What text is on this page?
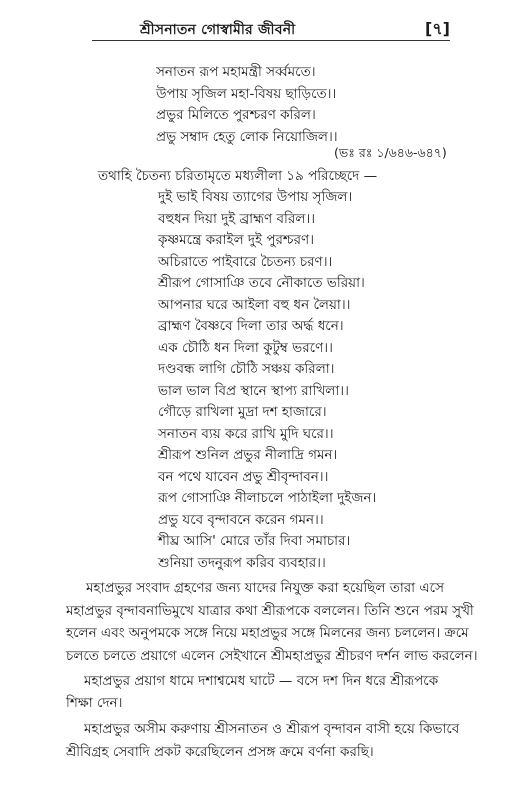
শ্রীসনাতন গোস্বামীর জীবনী	[৭]
সনাতন রূপ মহামন্ত্রী সর্ব্বমতে।
উপায় সৃজিল মহা-বিষয় ছাড়িতে।।
প্রভুর মিলিতে পুরশ্চরণ করিল।
প্রভু সম্বাদ হেতু লোক নিয়োজিল।।
(ভঃ রঃ ১/৬৪৬-৬৪৭)
তথাহি চৈতন্য চরিতামৃতে মধ্যলীলা ১৯ পরিচ্ছেদে —
দুই ভাই বিষয় ত্যাগের উপায় সৃজিল।
বহুধন দিয়া দুই ব্রাহ্মণ বরিল।।
কৃষ্ণমন্ত্রে করাইল দুই পুরশ্চরণ।
অচিরাতে পাইবারে চৈতন্য চরণ।।
শ্রীরূপ গোসাঞি তবে নৌকাতে ভরিয়া।
আপনার ঘরে আইলা বহু ধন লৈয়া।।
ব্রাহ্মণ বৈষ্ণবে দিলা তার অর্দ্ধ ধনে।
এক চৌঠি ধন দিলা কুটুম্ব ভরণে।।
দণ্ডবন্ধ লাগি চৌঠি সঞ্চয় করিলা।
ভাল ভাল বিপ্র স্থানে স্থাপ্য রাখিলা।।
গৌড়ে রাখিলা মুদ্রা দশ হাজারে।
সনাতন ব্যয় করে রাখি মুদি ঘরে।।
শ্রীরূপ শুনিল প্রভুর নীলাদ্রি গমন।
বন পথে যাবেন প্রভু শ্রীবৃন্দাবন।।
রূপ গোসাঞি নীলাচলে পাঠাইলা দুইজন।
প্রভু যবে বৃন্দাবনে করেন গমন।।
শীঘ্র আসি' মোরে তাঁর দিবা সমাচার।
শুনিয়া তদনুরূপ করিব ব্যবহার।।
মহাপ্রভুর সংবাদ গ্রহণের জন্য যাদের নিযুক্ত করা হয়েছিল তারা এসে
মহাপ্রভুর বৃন্দাবনাভিমুখে যাত্রার কথা শ্রীরূপকে বললেন। তিনি শুনে পরম সুখী
হলেন এবং অনুপমকে সঙ্গে নিয়ে মহাপ্রভুর সঙ্গে মিলনের জন্য চললেন। ক্রমে
চলতে চলতে প্রয়াগে এলেন সেইখানে শ্রীমহাপ্রভুর শ্রীচরণ দর্শন লাভ করলেন।
মহাপ্রভুর প্রয়াগ ধামে দশাশ্বমেধ ঘাটে — বসে দশ দিন ধরে শ্রীরূপকে
শিক্ষা দেন।
মহাপ্রভুর অসীম করুণায় শ্রীসনাতন ও শ্রীরূপ বৃন্দাবন বাসী হয়ে কিভাবে
শ্রীবিগ্রহ সেবাদি প্রকট করেছিলেন প্রসঙ্গ ক্রমে বর্ণনা করছি।
